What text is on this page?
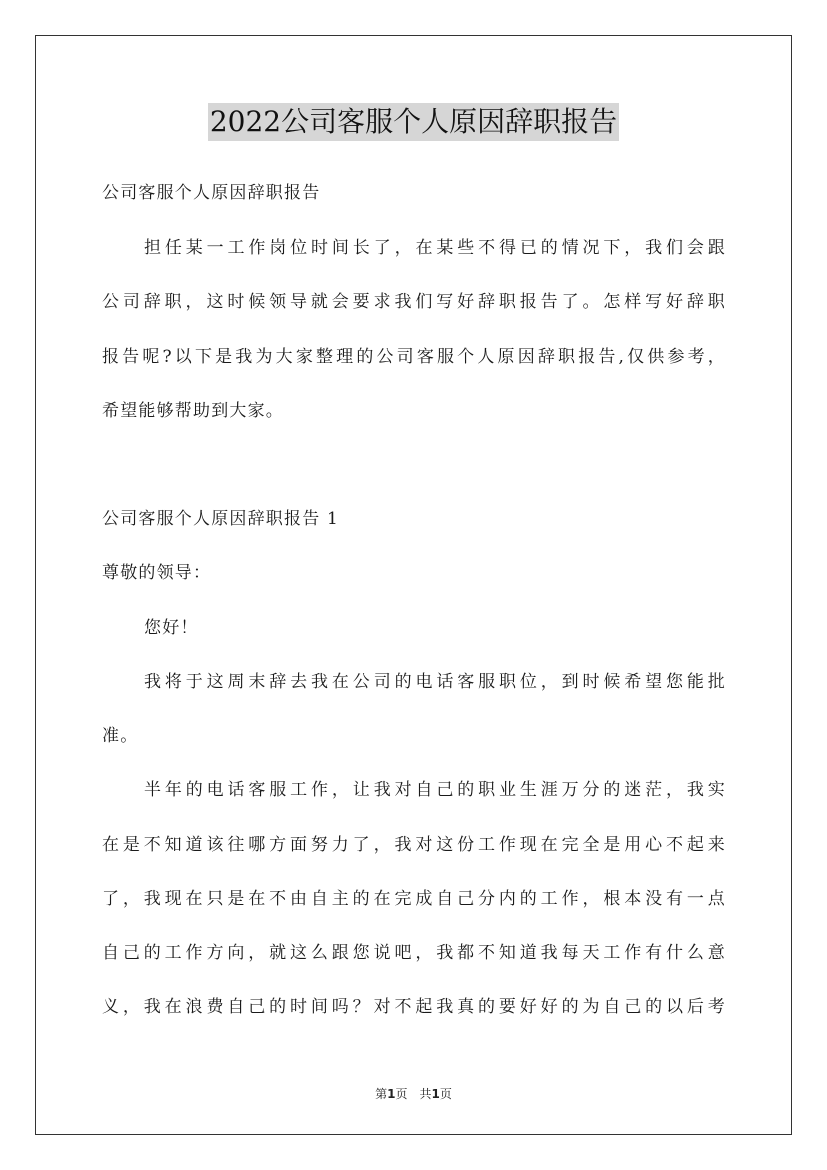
2022公司客服个人原因辞职报告
公司客服个人原因辞职报告
担任某一工作岗位时间长了，在某些不得已的情况下，我们会跟
公司辞职，这时候领导就会要求我们写好辞职报告了。怎样写好辞职
报告呢?以下是我为大家整理的公司客服个人原因辞职报告,仅供参考，
希望能够帮助到大家。
公司客服个人原因辞职报告 1
尊敬的领导：
您好！
我将于这周末辞去我在公司的电话客服职位，到时候希望您能批
准。
半年的电话客服工作，让我对自己的职业生涯万分的迷茫，我实
在是不知道该往哪方面努力了，我对这份工作现在完全是用心不起来
了，我现在只是在不由自主的在完成自己分内的工作，根本没有一点
自己的工作方向，就这么跟您说吧，我都不知道我每天工作有什么意
义，我在浪费自己的时间吗？对不起我真的要好好的为自己的以后考
第1页　共1页
